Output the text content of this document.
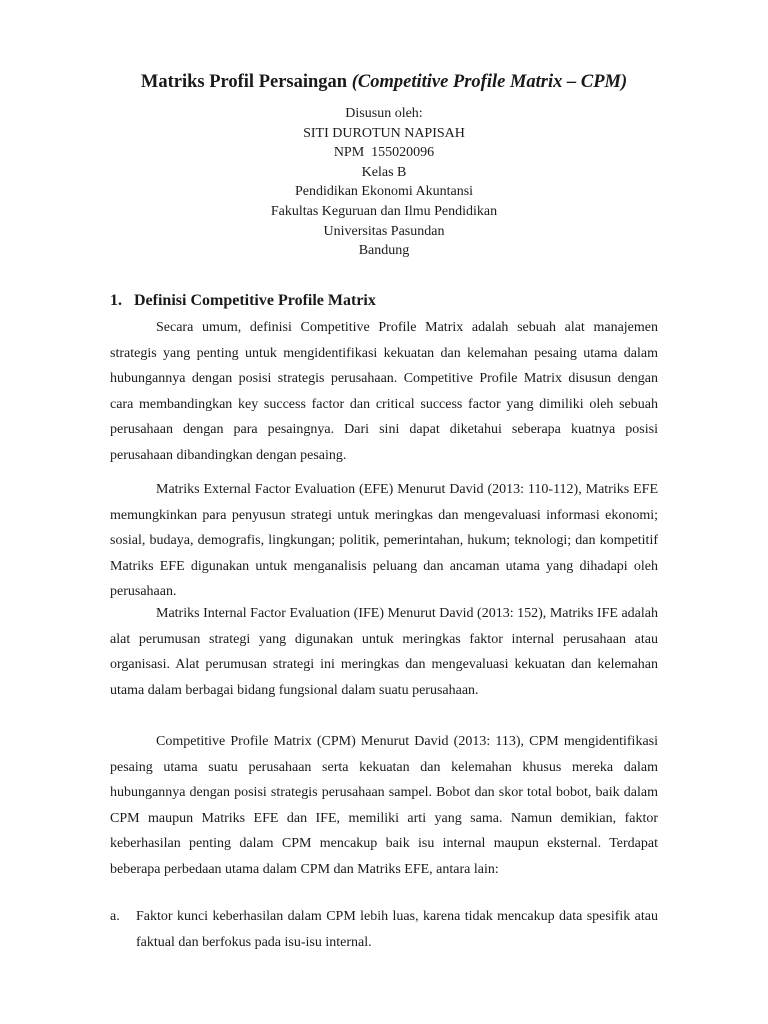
Matriks Profil Persaingan (Competitive Profile Matrix – CPM)
Disusun oleh:
SITI DUROTUN NAPISAH
NPM  155020096
Kelas B
Pendidikan Ekonomi Akuntansi
Fakultas Keguruan dan Ilmu Pendidikan
Universitas Pasundan
Bandung
1. Definisi Competitive Profile Matrix

Secara umum, definisi Competitive Profile Matrix adalah sebuah alat manajemen strategis yang penting untuk mengidentifikasi kekuatan dan kelemahan pesaing utama dalam hubungannya dengan posisi strategis perusahaan. Competitive Profile Matrix disusun dengan cara membandingkan key success factor dan critical success factor yang dimiliki oleh sebuah perusahaan dengan para pesaingnya. Dari sini dapat diketahui seberapa kuatnya posisi perusahaan dibandingkan dengan pesaing.

Matriks External Factor Evaluation (EFE) Menurut David (2013: 110-112), Matriks EFE memungkinkan para penyusun strategi untuk meringkas dan mengevaluasi informasi ekonomi; sosial, budaya, demografis, lingkungan; politik, pemerintahan, hukum; teknologi; dan kompetitif Matriks EFE digunakan untuk menganalisis peluang dan ancaman utama yang dihadapi oleh perusahaan.

Matriks Internal Factor Evaluation (IFE) Menurut David (2013: 152), Matriks IFE adalah alat perumusan strategi yang digunakan untuk meringkas faktor internal perusahaan atau organisasi. Alat perumusan strategi ini meringkas dan mengevaluasi kekuatan dan kelemahan utama dalam berbagai bidang fungsional dalam suatu perusahaan.

Competitive Profile Matrix (CPM) Menurut David (2013: 113), CPM mengidentifikasi pesaing utama suatu perusahaan serta kekuatan dan kelemahan khusus mereka dalam hubungannya dengan posisi strategis perusahaan sampel. Bobot dan skor total bobot, baik dalam CPM maupun Matriks EFE dan IFE, memiliki arti yang sama. Namun demikian, faktor keberhasilan penting dalam CPM mencakup baik isu internal maupun eksternal. Terdapat beberapa perbedaan utama dalam CPM dan Matriks EFE, antara lain:

a.	Faktor kunci keberhasilan dalam CPM lebih luas, karena tidak mencakup data spesifik atau faktual dan berfokus pada isu-isu internal.
